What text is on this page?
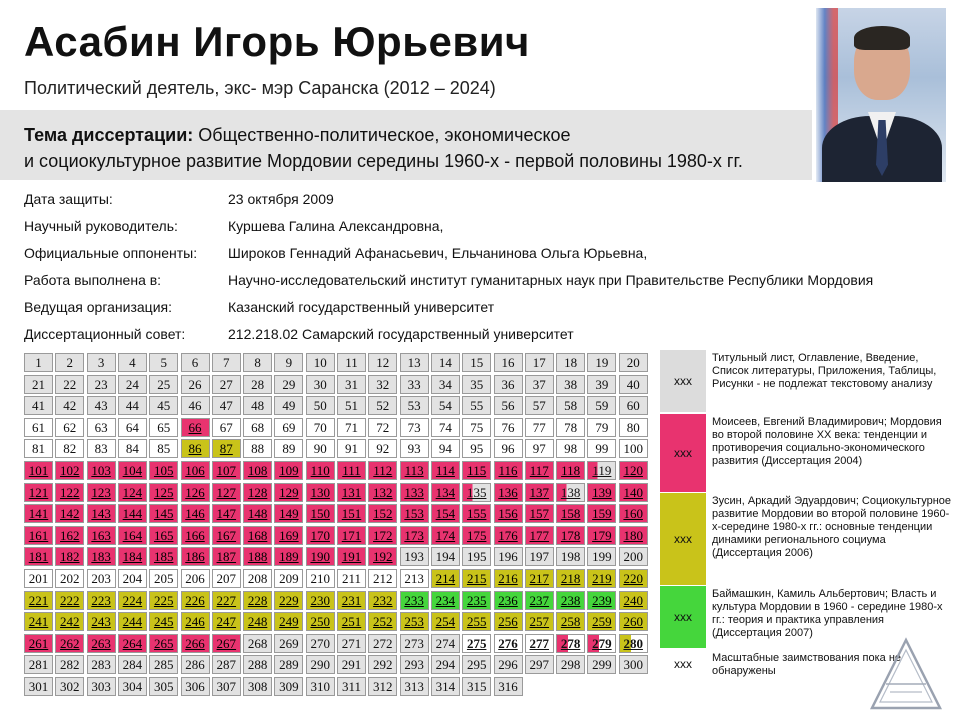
Асабин Игорь Юрьевич
Политический деятель, экс- мэр Саранска (2012 – 2024)
Тема диссертации: Общественно-политическое, экономическое
и социокультурное развитие Мордовии середины 1960-х - первой половины 1980-х гг.
Дата защиты:	23 октября 2009
Научный руководитель:	Куршева Галина Александровна,
Официальные оппоненты: Широков Геннадий Афанасьевич, Ельчанинова Ольга Юрьевна,
Работа выполнена в:	Научно-исследовательский институт гуманитарных наук при Правительстве Республики Мордовия
Ведущая организация:	Казанский государственный университет
Диссертационный совет:	212.218.02 Самарский государственный университет
1	2	3	4	5	6	7	8	9	10	11	12	13	14	15	16	17	18	19	20
21	22	23	24	25	26	27	28	29	30	31	32	33	34	35	36	37	38	39	40
41	42	43	44	45	46	47	48	49	50	51	52	53	54	55	56	57	58	59	60
61	62	63	64	65	66	67	68	69	70	71	72	73	74	75	76	77	78	79	80
81	82	83	84	85	86	87	88	89	90	91	92	93	94	95	96	97	98	99	100
101 102 103 104 105 106 107 108 109 110 111 112 113 114 115 116 117 118 119 120
121 122 123 124 125 126 127 128 129 130 131 132 133 134 135 136 137 138 139 140
141 142 143 144 145 146 147 148 149 150 151 152 153 154 155 156 157 158 159 160
161 162 163 164 165 166 167 168 169 170 171 172 173 174 175 176 177 178 179 180
181 182 183 184 185 186 187 188 189 190 191 192 193 194 195 196 197 198 199 200
201 202 203 204 205 206 207 208 209 210 211 212 213 214 215 216 217 218 219 220
221 222 223 224 225 226 227 228 229 230 231 232 233 234 235 236 237 238 239 240
241 242 243 244 245 246 247 248 249 250 251 252 253 254 255 256 257 258 259 260
261 262 263 264 265 266 267 268 269 270 271 272 273 274 275 276 277 278 279 280
281 282 283 284 285 286 287 288 289 290 291 292 293 294 295 296 297 298 299 300
301 302 303 304 305 306 307 308 309 310 311 312 313 314 315 316
xxx
Титульный лист, Оглавление, Введение, Список литературы, Приложения, Таблицы, Рисунки - не подлежат текстовому анализу
xxx
Моисеев, Евгений Владимирович; Мордовия во второй половине XX века: тенденции и противоречия социально-экономического развития (Диссертация 2004)
xxx
Зусин, Аркадий Эдуардович; Социокультурное развитие Мордовии во второй половине 1960-х-середине 1980-х гг.: основные тенденции динамики регионального социума (Диссертация 2006)
xxx
Баймашкин, Камиль Альбертович; Власть и культура Мордовии в 1960 - середине 1980-х гг.: теория и практика управления (Диссертация 2007)
xxx	Масштабные заимствования пока не обнаружены
